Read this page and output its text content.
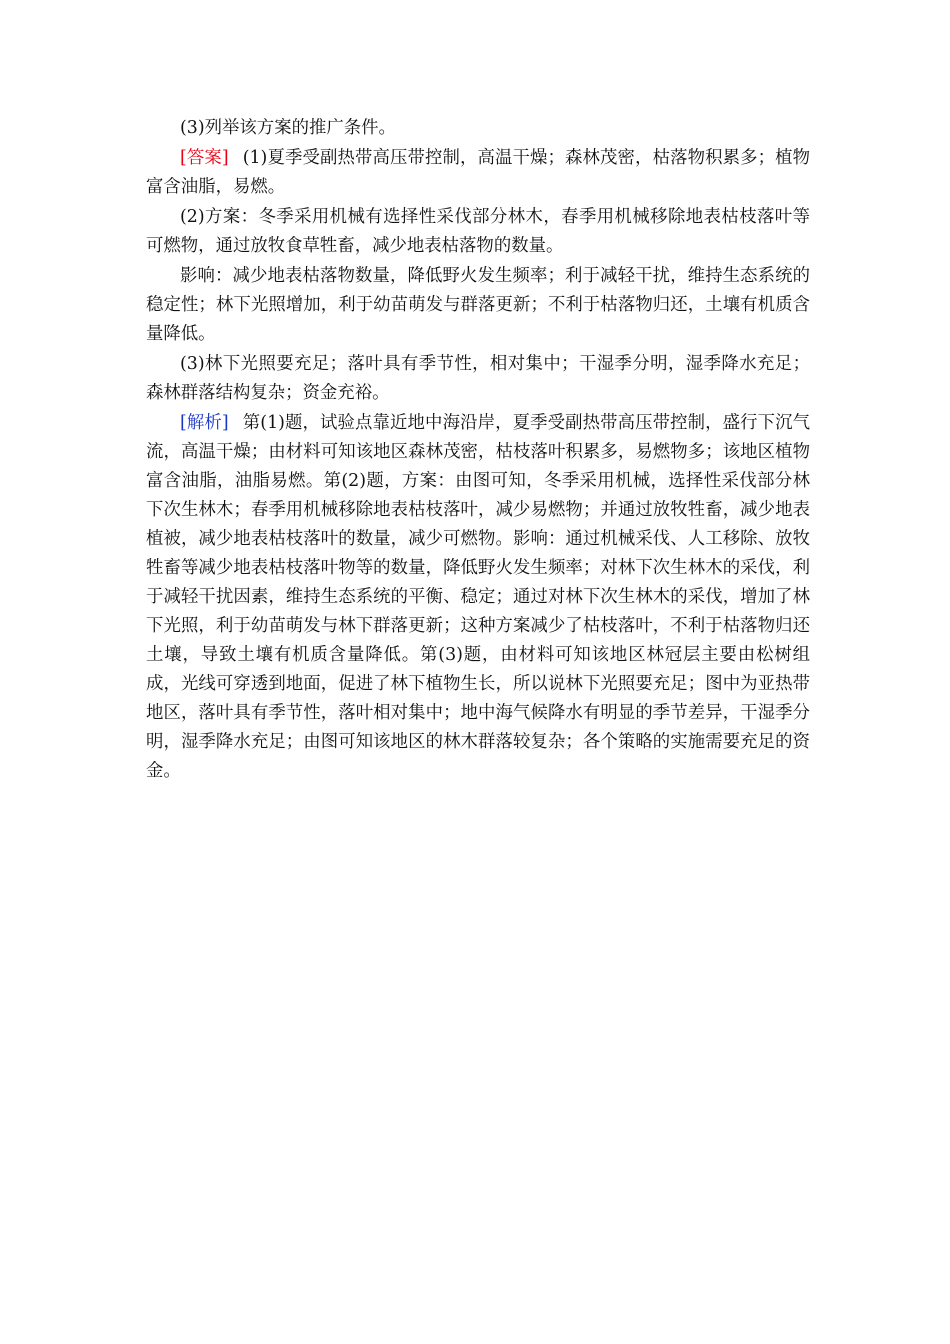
(3)列举该方案的推广条件。

[答案] (1)夏季受副热带高压带控制，高温干燥；森林茂密，枯落物积累多；植物富含油脂，易燃。

(2)方案：冬季采用机械有选择性采伐部分林木，春季用机械移除地表枯枝落叶等可燃物，通过放牧食草牲畜，减少地表枯落物的数量。

影响：减少地表枯落物数量，降低野火发生频率；利于减轻干扰，维持生态系统的稳定性；林下光照增加，利于幼苗萌发与群落更新；不利于枯落物归还，土壤有机质含量降低。

(3)林下光照要充足；落叶具有季节性，相对集中；干湿季分明，湿季降水充足；森林群落结构复杂；资金充裕。

[解析] 第(1)题，试验点靠近地中海沿岸，夏季受副热带高压带控制，盛行下沉气流，高温干燥；由材料可知该地区森林茂密，枯枝落叶积累多，易燃物多；该地区植物富含油脂，油脂易燃。第(2)题，方案：由图可知，冬季采用机械，选择性采伐部分林下次生林木；春季用机械移除地表枯枝落叶，减少易燃物；并通过放牧牲畜，减少地表植被，减少地表枯枝落叶的数量，减少可燃物。影响：通过机械采伐、人工移除、放牧牲畜等减少地表枯枝落叶物等的数量，降低野火发生频率；对林下次生林木的采伐，利于减轻干扰因素，维持生态系统的平衡、稳定；通过对林下次生林木的采伐，增加了林下光照，利于幼苗萌发与林下群落更新；这种方案减少了枯枝落叶，不利于枯落物归还土壤，导致土壤有机质含量降低。第(3)题，由材料可知该地区林冠层主要由松树组成，光线可穿透到地面，促进了林下植物生长，所以说林下光照要充足；图中为亚热带地区，落叶具有季节性，落叶相对集中；地中海气候降水有明显的季节差异，干湿季分明，湿季降水充足；由图可知该地区的林木群落较复杂；各个策略的实施需要充足的资金。
